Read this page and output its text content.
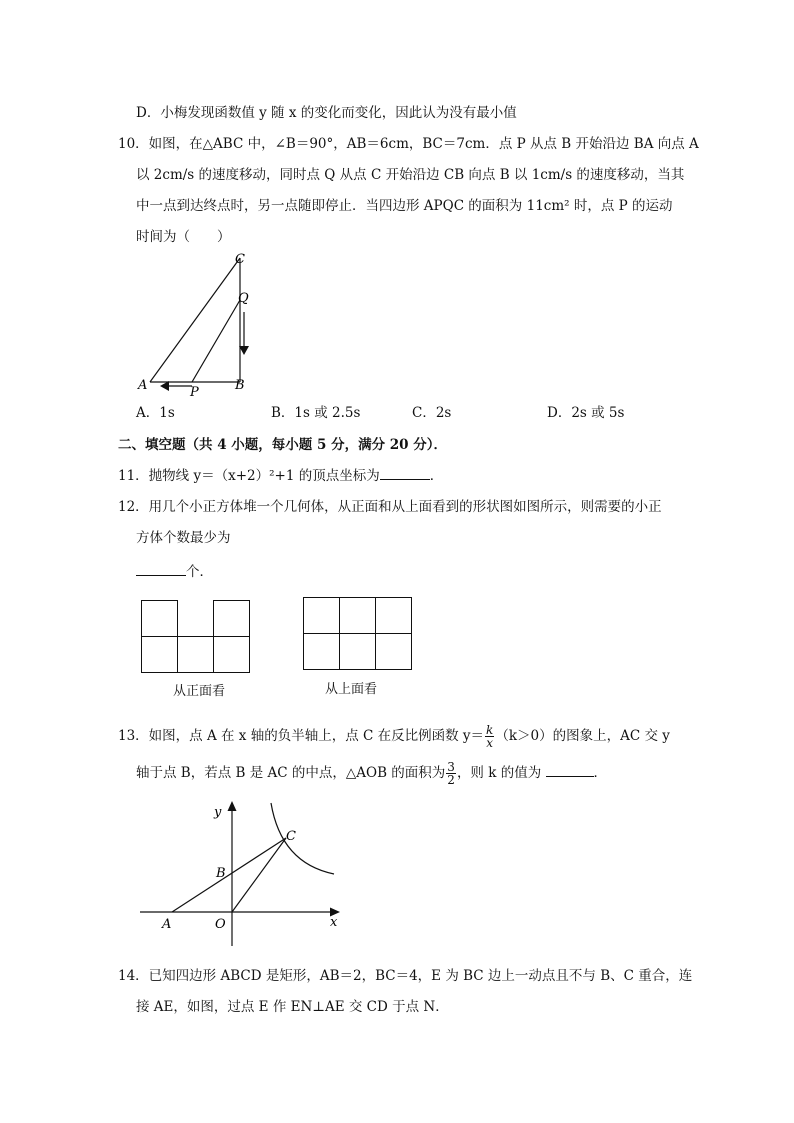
D．小梅发现函数值 y 随 x 的变化而变化，因此认为没有最小值
10．如图，在△ABC 中，∠B＝90°，AB＝6cm，BC＝7cm．点 P 从点 B 开始沿边 BA 向点 A
以 2cm/s 的速度移动，同时点 Q 从点 C 开始沿边 CB 向点 B 以 1cm/s 的速度移动，当其
中一点到达终点时，另一点随即停止．当四边形 APQC 的面积为 11cm² 时，点 P 的运动
时间为（　　）
C
Q
A	P	B
A．1s	B．1s 或 2.5s	C．2s	D．2s 或 5s
二、填空题（共 4 小题，每小题 5 分，满分 20 分）．
11．抛物线 y＝（x+2）²+1 的顶点坐标为	．
12．用几个小正方体堆一个几何体，从正面和从上面看到的形状图如图所示，则需要的小正
方体个数最少为
个．
从正面看	从上面看
13．如图，点 A 在 x 轴的负半轴上，点 C 在反比例函数 $y= \frac{k}{x} (k>0)$的图象上，AC 交 y
轴于点 B，若点 B 是 AC 的中点，△AOB 的面积为 $\frac{3}{2}$ ，则 k 的值为	．
y
x
C
B
A	O
14．已知四边形 ABCD 是矩形，AB＝2，BC＝4，E 为 BC 边上一动点且不与 B、C 重合，连
接 AE，如图，过点 E 作 EN⊥AE 交 CD 于点 N．
